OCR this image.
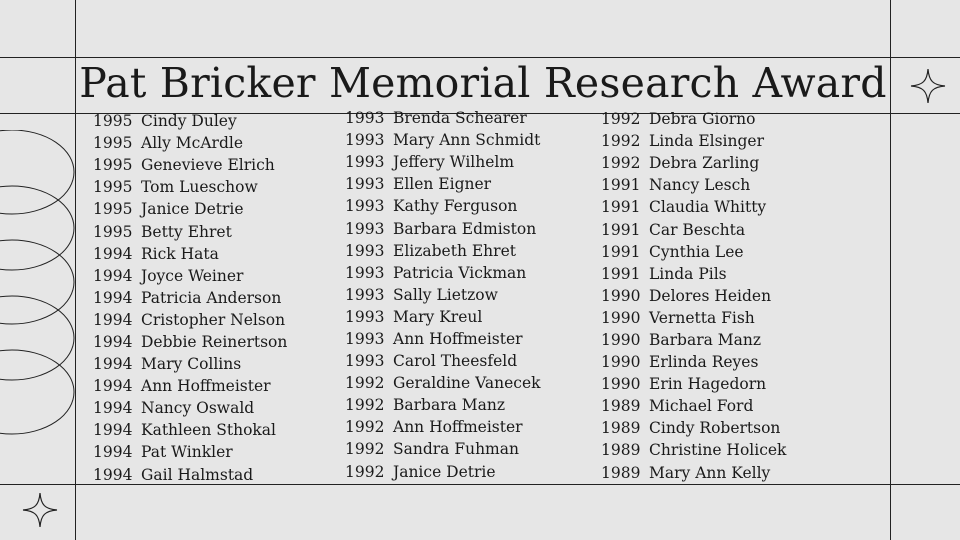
Pat Bricker Memorial Research Award
1995 Cindy Duley
1995 Ally McArdle
1995 Genevieve Elrich
1995 Tom Lueschow
1995 Janice Detrie
1995 Betty Ehret
1994 Rick Hata
1994 Joyce Weiner
1994 Patricia Anderson
1994 Cristopher Nelson
1994 Debbie Reinertson
1994 Mary Collins
1994 Ann Hoffmeister
1994 Nancy Oswald
1994 Kathleen Sthokal
1994 Pat Winkler
1994 Gail Halmstad
1993 Brenda Schearer
1993 Mary Ann Schmidt
1993 Jeffery Wilhelm
1993 Ellen Eigner
1993 Kathy Ferguson
1993 Barbara Edmiston
1993 Elizabeth Ehret
1993 Patricia Vickman
1993 Sally Lietzow
1993 Mary Kreul
1993 Ann Hoffmeister
1993 Carol Theesfeld
1992 Geraldine Vanecek
1992 Barbara Manz
1992 Ann Hoffmeister
1992 Sandra Fuhman
1992 Janice Detrie
1992 Debra Giorno
1992 Linda Elsinger
1992 Debra Zarling
1991 Nancy Lesch
1991 Claudia Whitty
1991 Car Beschta
1991 Cynthia Lee
1991 Linda Pils
1990 Delores Heiden
1990 Vernetta Fish
1990 Barbara Manz
1990 Erlinda Reyes
1990 Erin Hagedorn
1989 Michael Ford
1989 Cindy Robertson
1989 Christine Holicek
1989 Mary Ann Kelly
